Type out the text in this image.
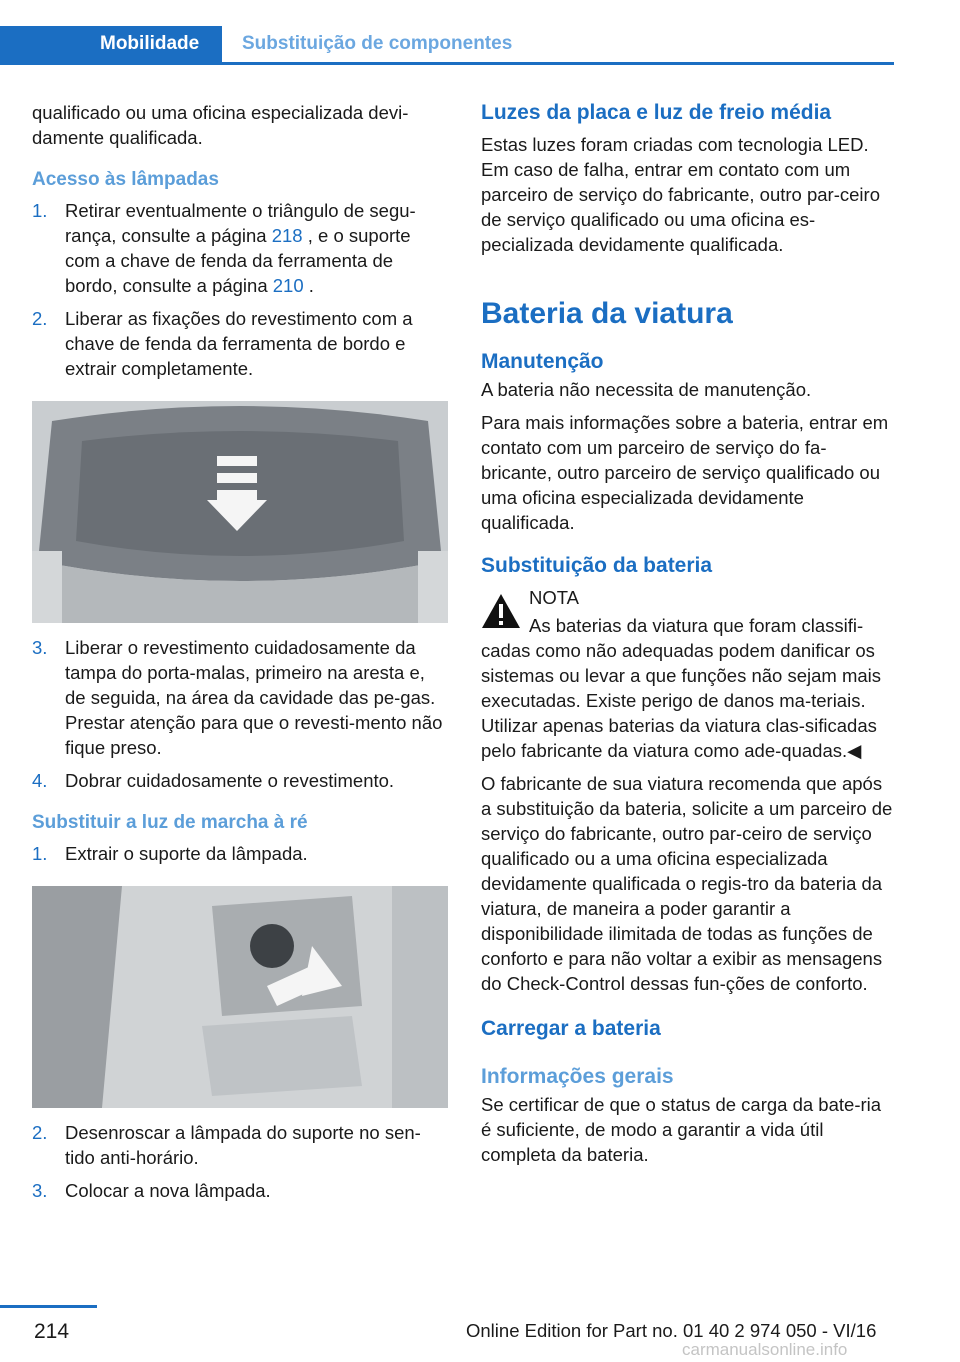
Mobilidade	Substituição de componentes

qualificado ou uma oficina especializada devi‐

damente qualificada.

Acesso às lâmpadas
1. Retirar eventualmente o triângulo de segu‐rança, consulte a página 218 , e o suporte com a chave de fenda da ferramenta de bordo, consulte a página 210 .
2. Liberar as fixações do revestimento com a chave de fenda da ferramenta de bordo e extrair completamente.
3. Liberar o revestimento cuidadosamente da tampa do porta-malas, primeiro na aresta e, de seguida, na área da cavidade das pe‐gas. Prestar atenção para que o revesti‐mento não fique preso.
4. Dobrar cuidadosamente o revestimento.
Substituir a luz de marcha à ré
1. Extrair o suporte da lâmpada.
2. Desenroscar a lâmpada do suporte no sen‐tido anti-horário.
3. Colocar a nova lâmpada.
Luzes da placa e luz de freio média

Estas luzes foram criadas com tecnologia LED. Em caso de falha, entrar em contato com um parceiro de serviço do fabricante, outro par‐ceiro de serviço qualificado ou uma oficina es‐pecializada devidamente qualificada.

Bateria da viatura
Manutenção

A bateria não necessita de manutenção.

Para mais informações sobre a bateria, entrar em contato com um parceiro de serviço do fa‐bricante, outro parceiro de serviço qualificado ou uma oficina especializada devidamente qualificada.

Substituição da bateria

NOTA

As baterias da viatura que foram classifi‐cadas como não adequadas podem danificar os sistemas ou levar a que funções não sejam mais executadas. Existe perigo de danos ma‐teriais. Utilizar apenas baterias da viatura clas‐sificadas pelo fabricante da viatura como ade‐quadas.◀

O fabricante de sua viatura recomenda que após a substituição da bateria, solicite a um parceiro de serviço do fabricante, outro par‐ceiro de serviço qualificado ou a uma oficina especializada devidamente qualificada o regis‐tro da bateria da viatura, de maneira a poder garantir a disponibilidade ilimitada de todas as funções de conforto e para não voltar a exibir as mensagens do Check-Control dessas fun‐ções de conforto.

Carregar a bateria
Informações gerais

Se certificar de que o status de carga da bate‐ria é suficiente, de modo a garantir a vida útil completa da bateria.

214	Online Edition for Part no. 01 40 2 974 050 - VI/16
carmanualsonline.info
